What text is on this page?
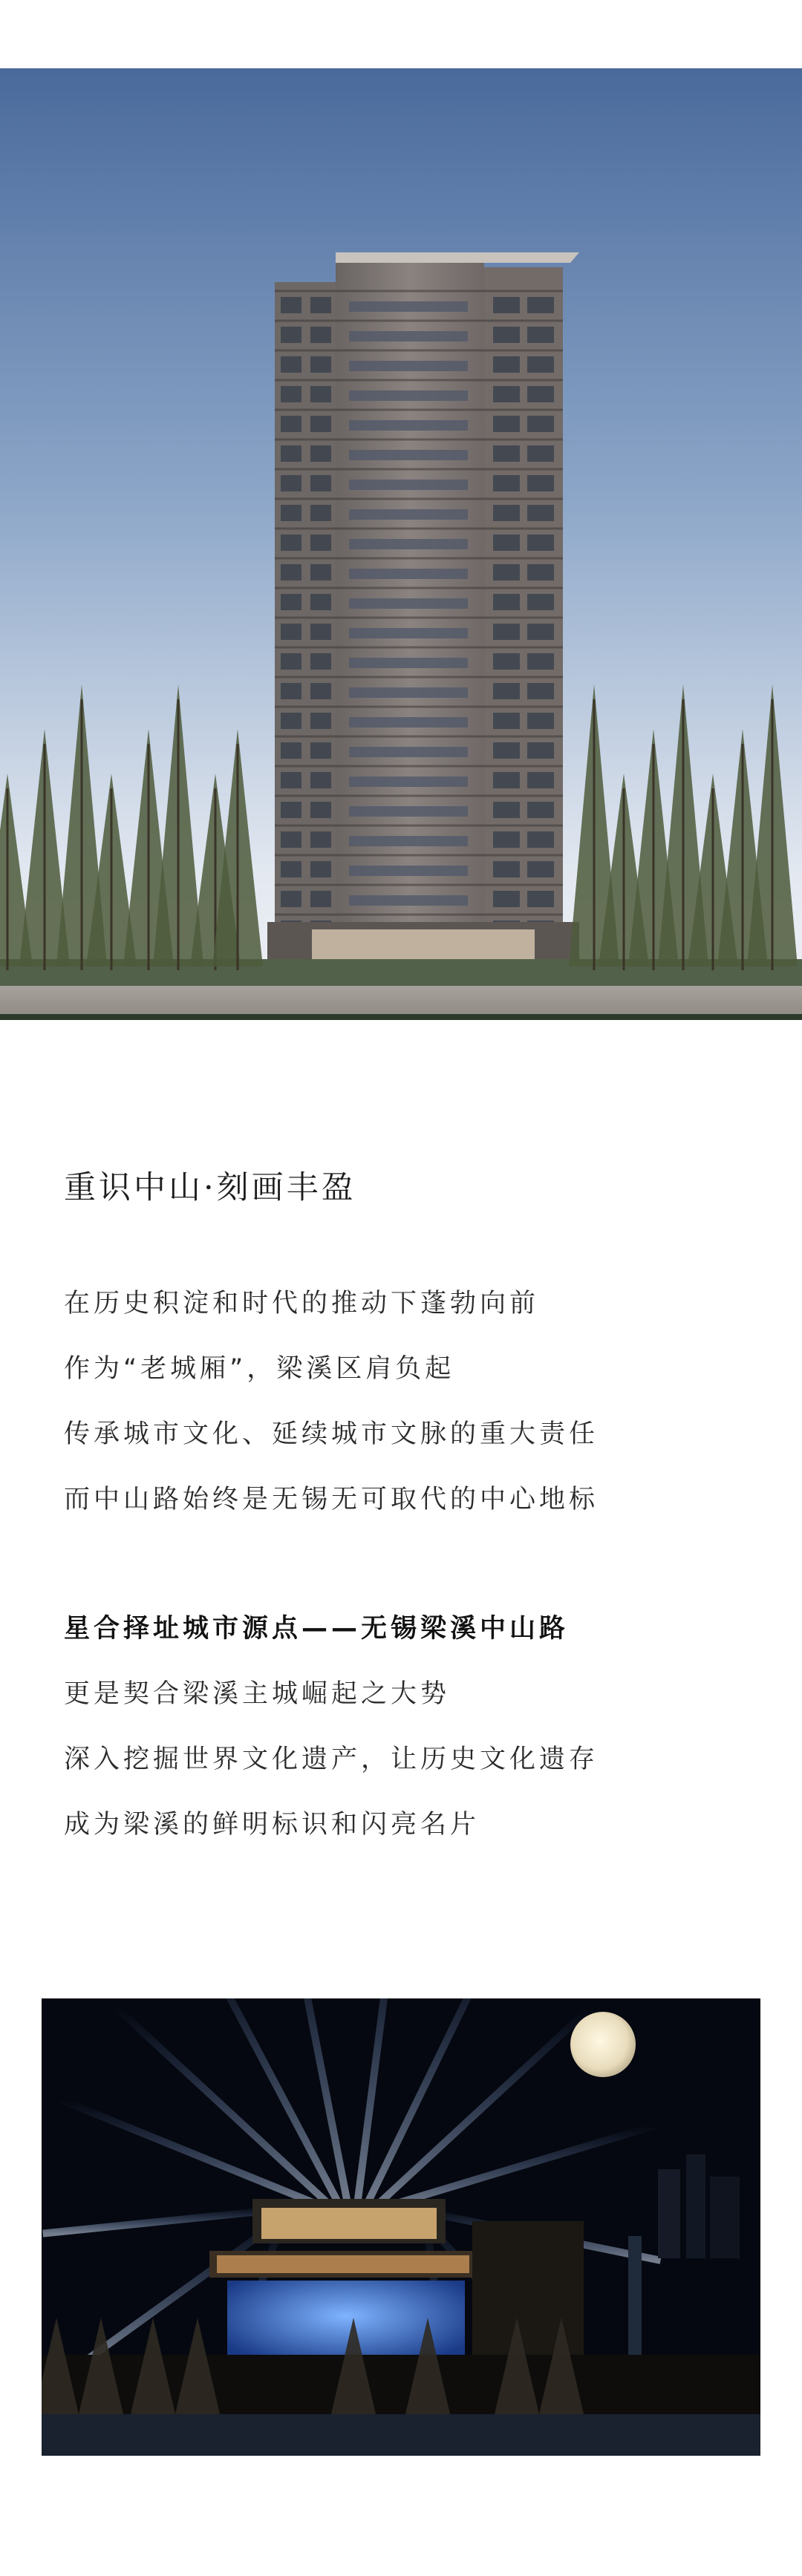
重识中山·刻画丰盈
在历史积淀和时代的推动下蓬勃向前
作为“老城厢”，梁溪区肩负起
传承城市文化、延续城市文脉的重大责任
而中山路始终是无锡无可取代的中心地标
星合择址城市源点——无锡梁溪中山路
更是契合梁溪主城崛起之大势
深入挖掘世界文化遗产，让历史文化遗存
成为梁溪的鲜明标识和闪亮名片
